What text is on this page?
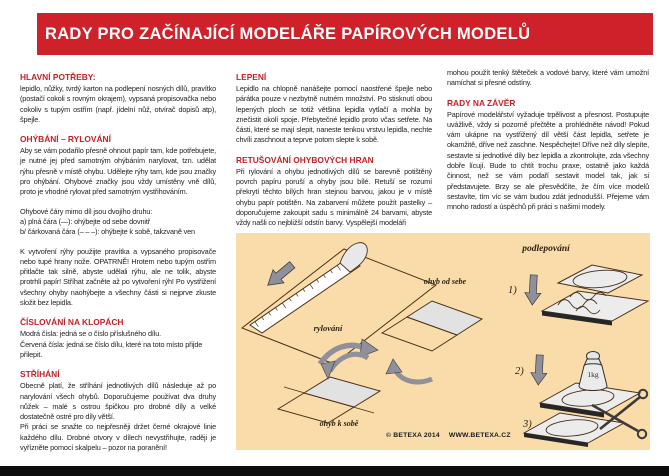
RADY PRO ZAČÍNAJÍCÍ MODELÁŘE PAPÍROVÝCH MODELŮ
HLAVNÍ POTŘEBY:

lepidlo, nůžky, tvrdý karton na podlepení nosných dílů, pravítko (postačí cokoli s rovným okrajem), vypsaná propisovačka nebo cokoliv s tupým ostřím (např. jídelní nůž, otvírač dopisů atp), špejle.

OHÝBÁNÍ – RYLOVÁNÍ

Aby se vám podařilo přesně ohnout papír tam, kde potřebujete, je nutné jej před samotným ohýbáním narylovat, tzn. udělat rýhu přesně v místě ohybu. Udělejte rýhy tam, kde jsou značky pro ohýbání. Ohybové značky jsou vždy umístěny vně dílů, proto je vhodné rylovat před samotným vystřihováním.

Ohybové čáry mimo díl jsou dvojího druhu:

a) plná čára (—): ohýbejte od sebe dovnitř

b/ čárkovaná čára (– – –): ohýbejte k sobě, takzvaně ven

K vytvoření rýhy použijte pravítka a vypsaného propisovače nebo tupé hrany nože. OPATRNĚ! Hrotem nebo tupým ostřím přitlačte tak silně, abyste udělali rýhu, ale ne tolik, abyste protrhli papír! Stříhat začněte až po vytvoření rýh! Po vystřižení všechny ohyby naohýbejte a všechny části si nejprve zkuste složit bez lepidla.

ČÍSLOVÁNÍ NA KLOPÁCH

Modrá čísla: jedná se o číslo příslušného dílu.

Červená čísla: jedná se číslo dílu, které na toto místo přijde přilepit.

STŘÍHÁNÍ

Obecně platí, že stříhání jednotlivých dílů následuje až po narylování všech ohybů. Doporučujeme používat dva druhy nůžek – malé s ostrou špičkou pro drobné díly a velké dostatečně ostré pro díly větší.

Při práci se snažte co nejpřesněji držet černé okrajové linie každého dílu. Drobné otvory v dílech nevystřihujte, raději je vyřízněte pomocí skalpelu – pozor na poranění!

LEPENÍ

Lepidlo na chlopně nanášejte pomocí naostřené špejle nebo párátka pouze v nezbytně nutném množství. Po stisknutí obou lepených ploch se totiž většina lepidla vytlačí a mohla by znečistit okolí spoje. Přebytečné lepidlo proto včas setřete. Na části, které se mají slepit, naneste tenkou vrstvu lepidla, nechte chvíli zaschnout a teprve potom slepte k sobě.

RETUŠOVÁNÍ OHYBOVÝCH HRAN

Při rylování a ohybu jednotlivých dílů se barevně potištěný povrch papíru poruší a ohyby jsou bílé. Retuší se rozumí překrytí těchto bílých hran stejnou barvou, jakou je v místě ohybu papír potištěn. Na zabarvení můžete použít pastelky – doporučujeme zakoupit sadu s minimálně 24 barvami, abyste vždy našli co nejbližší odstín barvy. Vyspělejší modeláři

mohou použít tenký štěteček a vodové barvy, které vám umožní namíchat si přesné odstíny.

RADY NA ZÁVĚR

Papírové modelářství vyžaduje trpělivost a přesnost. Postupujte uvážlivě, vždy si pozorně přečtěte a prohlédněte návod! Pokud vám ukápne na vystřižený díl větší část lepidla, setřete je okamžitě, dříve než zaschne. Nespěchejte! Dříve než díly slepíte, sestavte si jednotlivé díly bez lepidla a zkontrolujte, zda všechny dobře lícují. Bude to chtít trochu praxe, ostatně jako každá činnost, než se vám podaří sestavit model tak, jak si představujete. Brzy se ale přesvědčíte, že čím více modelů sestavíte, tím víc se vám budou zdát jednodušší. Přejeme vám mnoho radostí a úspěchů při práci s našimi modely.

rylování
ohyb od sebe
ohyb k sobě
podlepování
1)
2)
3)
1kg
© BETEXA 2014 WWW.BETEXA.CZ
